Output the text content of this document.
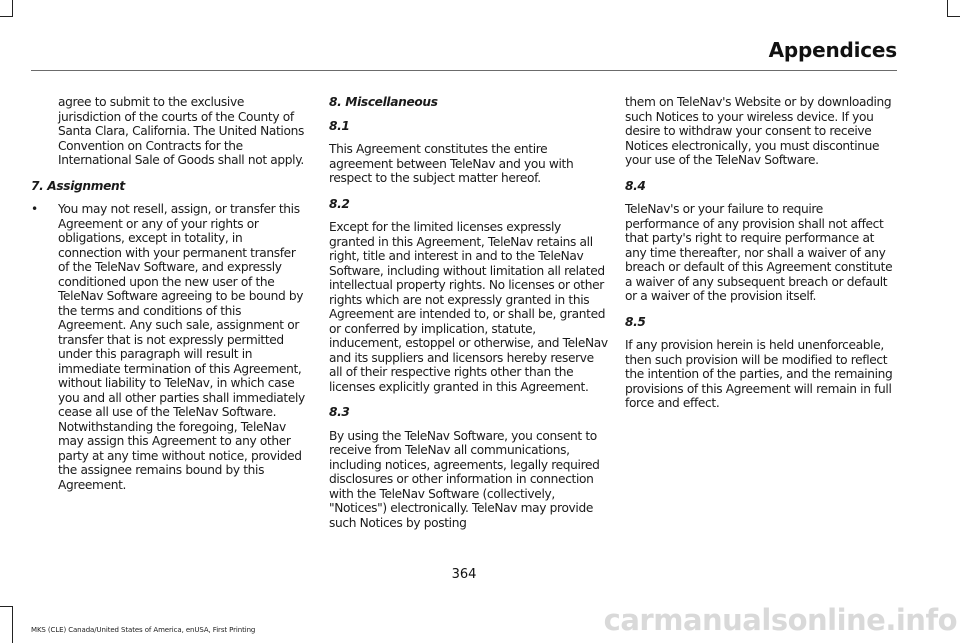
Appendices

agree to submit to the exclusive jurisdiction of the courts of the County of Santa Clara, California. The United Nations Convention on Contracts for the International Sale of Goods shall not apply.

7. Assignment
•	You may not resell, assign, or transfer this Agreement or any of your rights or obligations, except in totality, in connection with your permanent transfer of the TeleNav Software, and expressly conditioned upon the new user of the TeleNav Software agreeing to be bound by the terms and conditions of this Agreement. Any such sale, assignment or transfer that is not expressly permitted under this paragraph will result in immediate termination of this Agreement, without liability to TeleNav, in which case you and all other parties shall immediately cease all use of the TeleNav Software. Notwithstanding the foregoing, TeleNav may assign this Agreement to any other party at any time without notice, provided the assignee remains bound by this Agreement.
8. Miscellaneous
8.1

This Agreement constitutes the entire agreement between TeleNav and you with respect to the subject matter hereof.

8.2

Except for the limited licenses expressly granted in this Agreement, TeleNav retains all right, title and interest in and to the TeleNav Software, including without limitation all related intellectual property rights. No licenses or other rights which are not expressly granted in this Agreement are intended to, or shall be, granted or conferred by implication, statute, inducement, estoppel or otherwise, and TeleNav and its suppliers and licensors hereby reserve all of their respective rights other than the licenses explicitly granted in this Agreement.

8.3

By using the TeleNav Software, you consent to receive from TeleNav all communications, including notices, agreements, legally required disclosures or other information in connection with the TeleNav Software (collectively, "Notices") electronically. TeleNav may provide such Notices by posting

them on TeleNav's Website or by downloading such Notices to your wireless device. If you desire to withdraw your consent to receive Notices electronically, you must discontinue your use of the TeleNav Software.

8.4

TeleNav's or your failure to require performance of any provision shall not affect that party's right to require performance at any time thereafter, nor shall a waiver of any breach or default of this Agreement constitute a waiver of any subsequent breach or default or a waiver of the provision itself.

8.5

If any provision herein is held unenforceable, then such provision will be modified to reflect the intention of the parties, and the remaining provisions of this Agreement will remain in full force and effect.

364
MKS (CLE) Canada/United States of America, enUSA, First Printing	carmanualsonline.info
